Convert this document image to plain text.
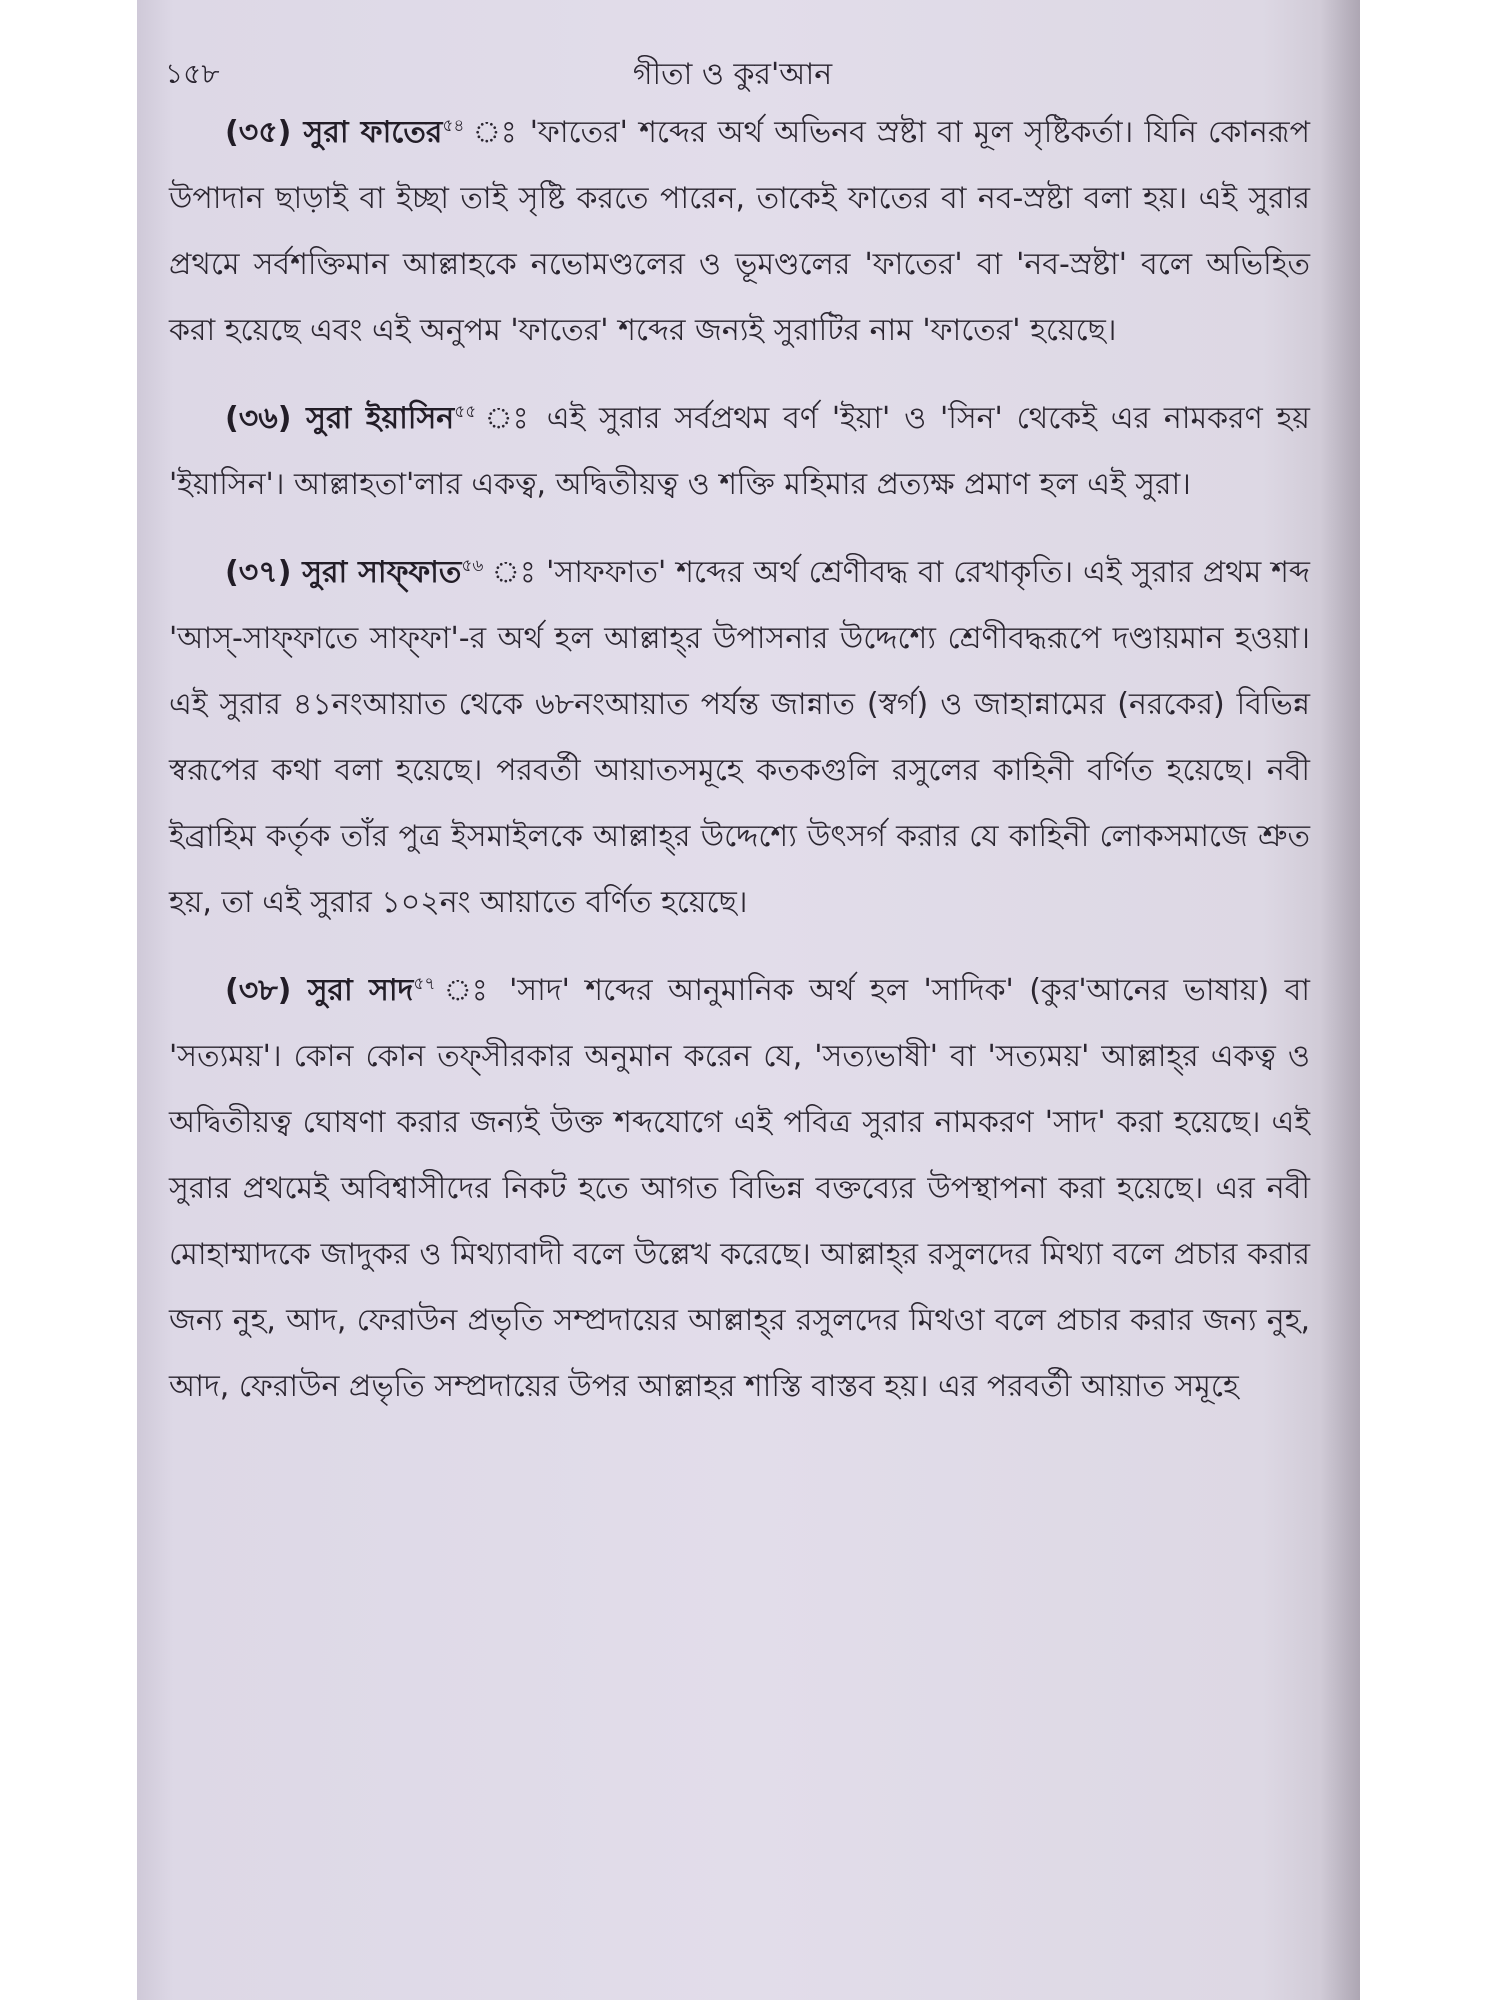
১৫৮	গীতা ও কুর'আন

(৩৫) সুরা ফাতের$^{৫৪}$ ঃ 'ফাতের' শব্দের অর্থ অভিনব স্রষ্টা বা মূল সৃষ্টিকর্তা। যিনি কোনরূপ উপাদান ছাড়াই বা ইচ্ছা তাই সৃষ্টি করতে পারেন, তাকেই ফাতের বা নব-স্রষ্টা বলা হয়। এই সুরার প্রথমে সর্বশক্তিমান আল্লাহকে নভোমণ্ডলের ও ভূমণ্ডলের 'ফাতের' বা 'নব-স্রষ্টা' বলে অভিহিত করা হয়েছে এবং এই অনুপম 'ফাতের' শব্দের জন্যই সুরাটির নাম 'ফাতের' হয়েছে।

(৩৬) সুরা ইয়াসিন$^{৫৫}$ ঃ এই সুরার সর্বপ্রথম বর্ণ 'ইয়া' ও 'সিন' থেকেই এর নামকরণ হয় 'ইয়াসিন'। আল্লাহতা'লার একত্ব, অদ্বিতীয়ত্ব ও শক্তি মহিমার প্রত্যক্ষ প্রমাণ হল এই সুরা।

(৩৭) সুরা সাফ্‌ফাত$^{৫৬}$ ঃ 'সাফফাত' শব্দের অর্থ শ্রেণীবদ্ধ বা রেখাকৃতি। এই সুরার প্রথম শব্দ 'আস্‌-সাফ্‌ফাতে সাফ্‌ফা'-র অর্থ হল আল্লাহ্‌র উপাসনার উদ্দেশ্যে শ্রেণীবদ্ধরূপে দণ্ডায়মান হওয়া। এই সুরার ৪১নংআয়াত থেকে ৬৮নংআয়াত পর্যন্ত জান্নাত (স্বর্গ) ও জাহান্নামের (নরকের) বিভিন্ন স্বরূপের কথা বলা হয়েছে। পরবর্তী আয়াতসমূহে কতকগুলি রসুলের কাহিনী বর্ণিত হয়েছে। নবী ইব্রাহিম কর্তৃক তাঁর পুত্র ইসমাইলকে আল্লাহ্‌র উদ্দেশ্যে উৎসর্গ করার যে কাহিনী লোকসমাজে শ্রুত হয়, তা এই সুরার ১০২নং আয়াতে বর্ণিত হয়েছে।

(৩৮) সুরা সাদ$^{৫৭}$ ঃ 'সাদ' শব্দের আনুমানিক অর্থ হল 'সাদিক' (কুর'আনের ভাষায়) বা 'সত্যময়'। কোন কোন তফ্‌সীরকার অনুমান করেন যে, 'সত্যভাষী' বা 'সত্যময়' আল্লাহ্‌র একত্ব ও অদ্বিতীয়ত্ব ঘোষণা করার জন্যই উক্ত শব্দযোগে এই পবিত্র সুরার নামকরণ 'সাদ' করা হয়েছে। এই সুরার প্রথমেই অবিশ্বাসীদের নিকট হতে আগত বিভিন্ন বক্তব্যের উপস্থাপনা করা হয়েছে। এর নবী মোহাম্মাদকে জাদুকর ও মিথ্যাবাদী বলে উল্লেখ করেছে। আল্লাহ্‌র রসুলদের মিথ্যা বলে প্রচার করার জন্য নুহ, আদ, ফেরাউন প্রভৃতি সম্প্রদায়ের আল্লাহ্‌র রসুলদের মিথওা বলে প্রচার করার জন্য নুহ, আদ, ফেরাউন প্রভৃতি সম্প্রদায়ের উপর আল্লাহর শাস্তি বাস্তব হয়। এর পরবর্তী আয়াত সমূহে
